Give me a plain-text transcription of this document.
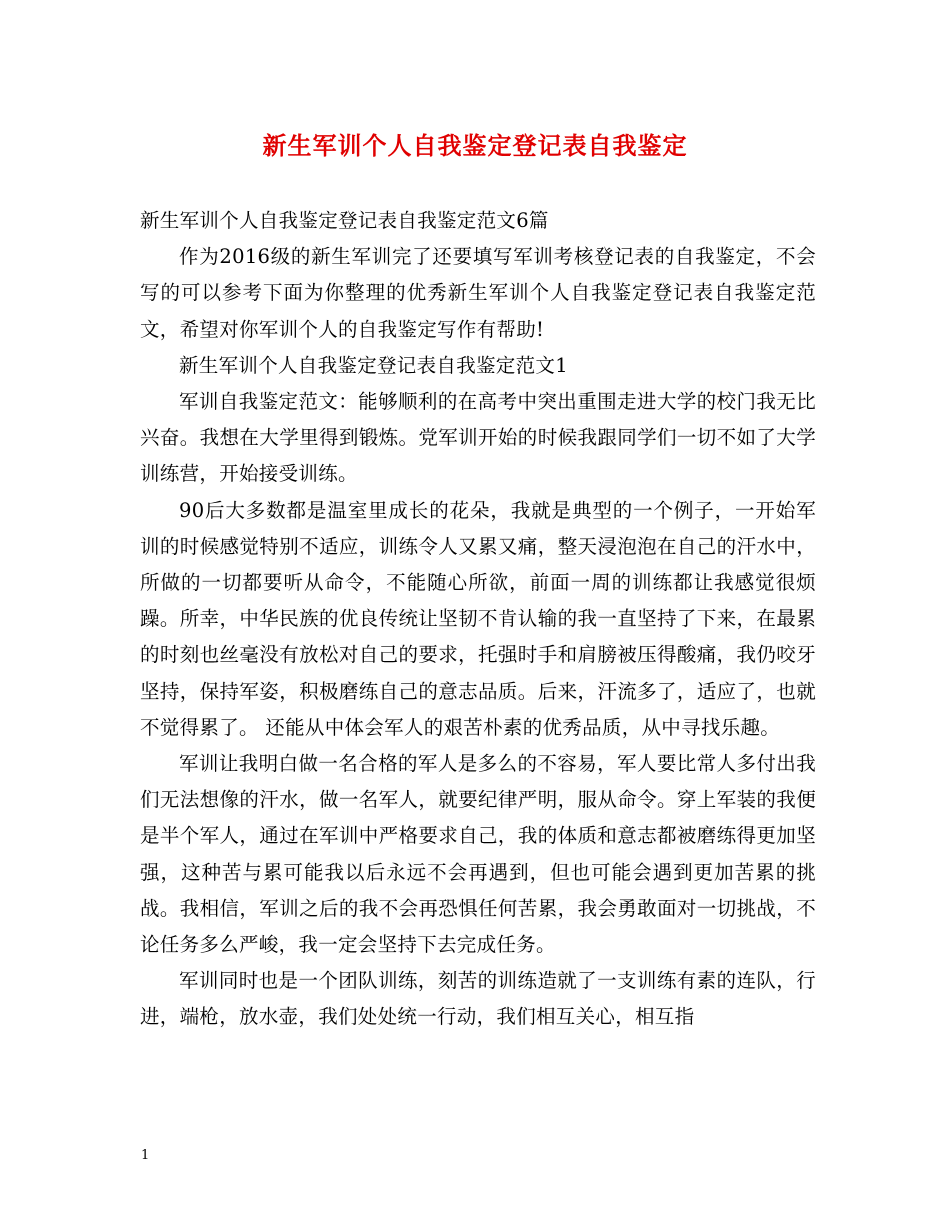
新生军训个人自我鉴定登记表自我鉴定

新生军训个人自我鉴定登记表自我鉴定范文6篇

作为2016级的新生军训完了还要填写军训考核登记表的自我鉴定，不会写的可以参考下面为你整理的优秀新生军训个人自我鉴定登记表自我鉴定范文，希望对你军训个人的自我鉴定写作有帮助!

新生军训个人自我鉴定登记表自我鉴定范文1

军训自我鉴定范文：能够顺利的在高考中突出重围走进大学的校门我无比兴奋。我想在大学里得到锻炼。党军训开始的时候我跟同学们一切不如了大学训练营，开始接受训练。

90后大多数都是温室里成长的花朵，我就是典型的一个例子，一开始军训的时候感觉特别不适应，训练令人又累又痛，整天浸泡泡在自己的汗水中，所做的一切都要听从命令，不能随心所欲，前面一周的训练都让我感觉很烦躁。所幸，中华民族的优良传统让坚韧不肯认输的我一直坚持了下来，在最累的时刻也丝毫没有放松对自己的要求，托强时手和肩膀被压得酸痛，我仍咬牙坚持，保持军姿，积极磨练自己的意志品质。后来，汗流多了，适应了，也就不觉得累了。 还能从中体会军人的艰苦朴素的优秀品质，从中寻找乐趣。

军训让我明白做一名合格的军人是多么的不容易，军人要比常人多付出我们无法想像的汗水，做一名军人，就要纪律严明，服从命令。穿上军装的我便是半个军人，通过在军训中严格要求自己，我的体质和意志都被磨练得更加坚强，这种苦与累可能我以后永远不会再遇到，但也可能会遇到更加苦累的挑战。我相信，军训之后的我不会再恐惧任何苦累，我会勇敢面对一切挑战，不论任务多么严峻，我一定会坚持下去完成任务。

军训同时也是一个团队训练，刻苦的训练造就了一支训练有素的连队，行进，端枪，放水壶，我们处处统一行动，我们相互关心，相互指

1
